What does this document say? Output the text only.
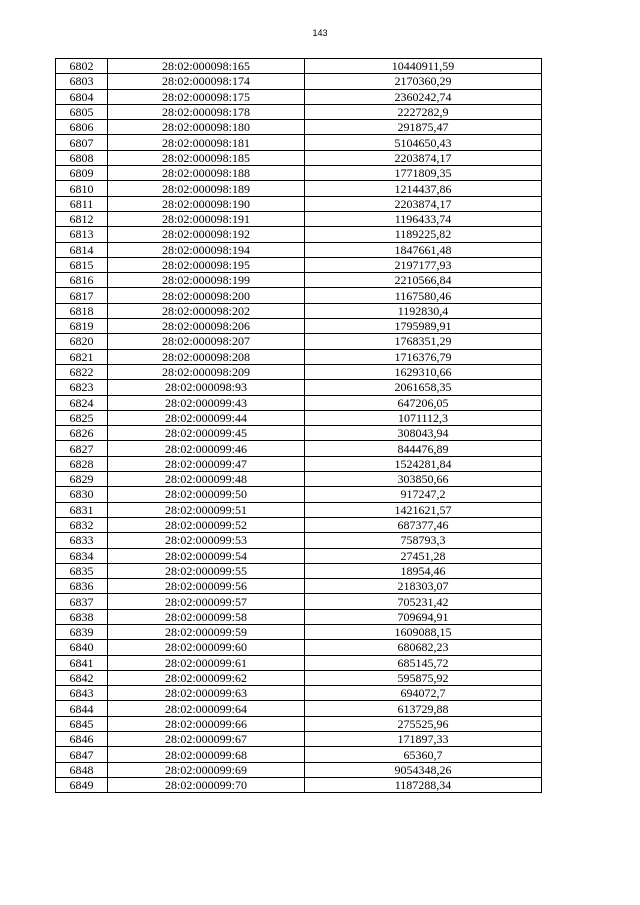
143
6802	28:02:000098:165	10440911,59
6803	28:02:000098:174	2170360,29
6804	28:02:000098:175	2360242,74
6805	28:02:000098:178	2227282,9
6806	28:02:000098:180	291875,47
6807	28:02:000098:181	5104650,43
6808	28:02:000098:185	2203874,17
6809	28:02:000098:188	1771809,35
6810	28:02:000098:189	1214437,86
6811	28:02:000098:190	2203874,17
6812	28:02:000098:191	1196433,74
6813	28:02:000098:192	1189225,82
6814	28:02:000098:194	1847661,48
6815	28:02:000098:195	2197177,93
6816	28:02:000098:199	2210566,84
6817	28:02:000098:200	1167580,46
6818	28:02:000098:202	1192830,4
6819	28:02:000098:206	1795989,91
6820	28:02:000098:207	1768351,29
6821	28:02:000098:208	1716376,79
6822	28:02:000098:209	1629310,66
6823	28:02:000098:93	2061658,35
6824	28:02:000099:43	647206,05
6825	28:02:000099:44	1071112,3
6826	28:02:000099:45	308043,94
6827	28:02:000099:46	844476,89
6828	28:02:000099:47	1524281,84
6829	28:02:000099:48	303850,66
6830	28:02:000099:50	917247,2
6831	28:02:000099:51	1421621,57
6832	28:02:000099:52	687377,46
6833	28:02:000099:53	758793,3
6834	28:02:000099:54	27451,28
6835	28:02:000099:55	18954,46
6836	28:02:000099:56	218303,07
6837	28:02:000099:57	705231,42
6838	28:02:000099:58	709694,91
6839	28:02:000099:59	1609088,15
6840	28:02:000099:60	680682,23
6841	28:02:000099:61	685145,72
6842	28:02:000099:62	595875,92
6843	28:02:000099:63	694072,7
6844	28:02:000099:64	613729,88
6845	28:02:000099:66	275525,96
6846	28:02:000099:67	171897,33
6847	28:02:000099:68	65360,7
6848	28:02:000099:69	9054348,26
6849	28:02:000099:70	1187288,34
